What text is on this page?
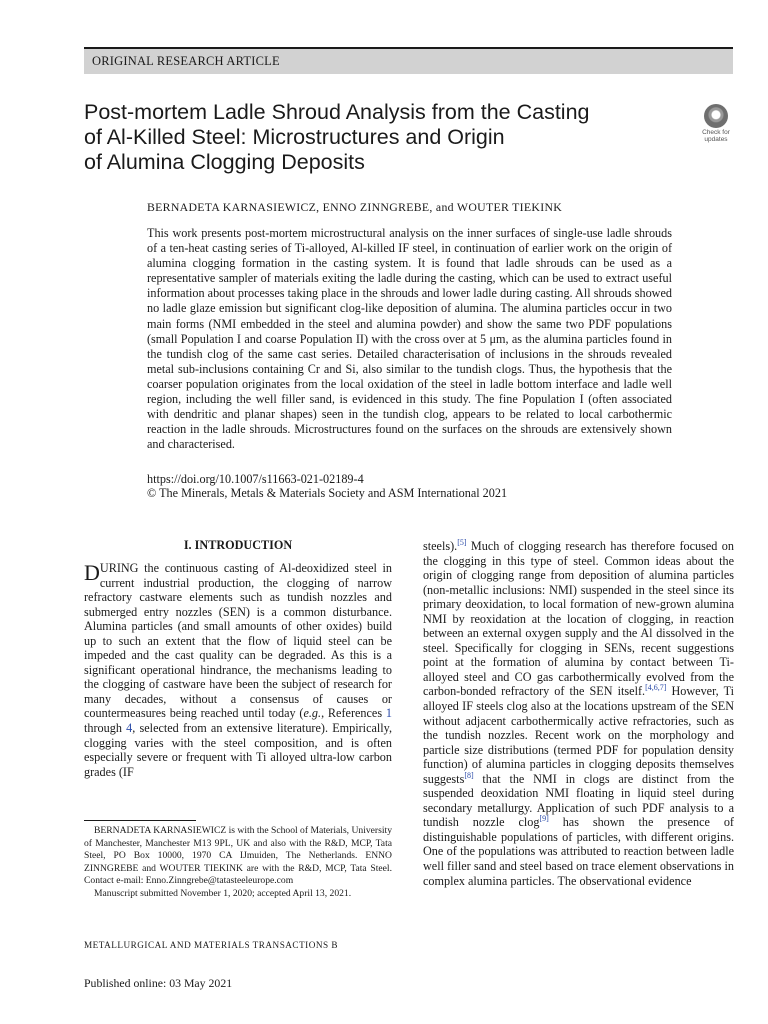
ORIGINAL RESEARCH ARTICLE
Post-mortem Ladle Shroud Analysis from the Casting
of Al-Killed Steel: Microstructures and Origin
of Alumina Clogging Deposits
Check for
updates
BERNADETA KARNASIEWICZ, ENNO ZINNGREBE, and WOUTER TIEKINK

This work presents post-mortem microstructural analysis on the inner surfaces of single-use ladle shrouds of a ten-heat casting series of Ti-alloyed, Al-killed IF steel, in continuation of earlier work on the origin of alumina clogging formation in the casting system. It is found that ladle shrouds can be used as a representative sampler of materials exiting the ladle during the casting, which can be used to extract useful information about processes taking place in the shrouds and lower ladle during casting. All shrouds showed no ladle glaze emission but significant clog-like deposition of alumina. The alumina particles occur in two main forms (NMI embedded in the steel and alumina powder) and show the same two PDF populations (small Population I and coarse Population II) with the cross over at 5 μm, as the alumina particles found in the tundish clog of the same cast series. Detailed characterisation of inclusions in the shrouds revealed metal sub-inclusions containing Cr and Si, also similar to the tundish clogs. Thus, the hypothesis that the coarser population originates from the local oxidation of the steel in ladle bottom interface and ladle well region, including the well filler sand, is evidenced in this study. The fine Population I (often associated with dendritic and planar shapes) seen in the tundish clog, appears to be related to local carbothermic reaction in the ladle shrouds. Microstructures found on the surfaces on the shrouds are extensively shown and characterised.

https://doi.org/10.1007/s11663-021-02189-4
© The Minerals, Metals & Materials Society and ASM International 2021
I. INTRODUCTION

DURING the continuous casting of Al-deoxidized steel in current industrial production, the clogging of narrow refractory castware elements such as tundish nozzles and submerged entry nozzles (SEN) is a common disturbance. Alumina particles (and small amounts of other oxides) build up to such an extent that the flow of liquid steel can be impeded and the cast quality can be degraded. As this is a significant operational hindrance, the mechanisms leading to the clogging of castware have been the subject of research for many decades, without a consensus of causes or countermeasures being reached until today (e.g., References 1 through 4, selected from an extensive literature). Empirically, clogging varies with the steel composition, and is often especially severe or frequent with Ti alloyed ultra-low carbon grades (IF

steels).[5] Much of clogging research has therefore focused on the clogging in this type of steel. Common ideas about the origin of clogging range from deposition of alumina particles (non-metallic inclusions: NMI) suspended in the steel since its primary deoxidation, to local formation of new-grown alumina NMI by reoxidation at the location of clogging, in reaction between an external oxygen supply and the Al dissolved in the steel. Specifically for clogging in SENs, recent suggestions point at the formation of alumina by contact between Ti-alloyed steel and CO gas carbothermically evolved from the carbon-bonded refractory of the SEN itself.[4,6,7] However, Ti alloyed IF steels clog also at the locations upstream of the SEN without adjacent carbothermically active refractories, such as the tundish nozzles. Recent work on the morphology and particle size distributions (termed PDF for population density function) of alumina particles in clogging deposits themselves suggests[8] that the NMI in clogs are distinct from the suspended deoxidation NMI floating in liquid steel during secondary metallurgy. Application of such PDF analysis to a tundish nozzle clog[9] has shown the presence of distinguishable populations of particles, with different origins. One of the populations was attributed to reaction between ladle well filler sand and steel based on trace element observations in complex alumina particles. The observational evidence

BERNADETA KARNASIEWICZ is with the School of Materials, University of Manchester, Manchester M13 9PL, UK and also with the R&D, MCP, Tata Steel, PO Box 10000, 1970 CA IJmuiden, The Netherlands. ENNO ZINNGREBE and WOUTER TIEKINK are with the R&D, MCP, Tata Steel. Contact e-mail: Enno.Zinngrebe@tatasteeleurope.com

Manuscript submitted November 1, 2020; accepted April 13, 2021.

METALLURGICAL AND MATERIALS TRANSACTIONS B
Published online: 03 May 2021
